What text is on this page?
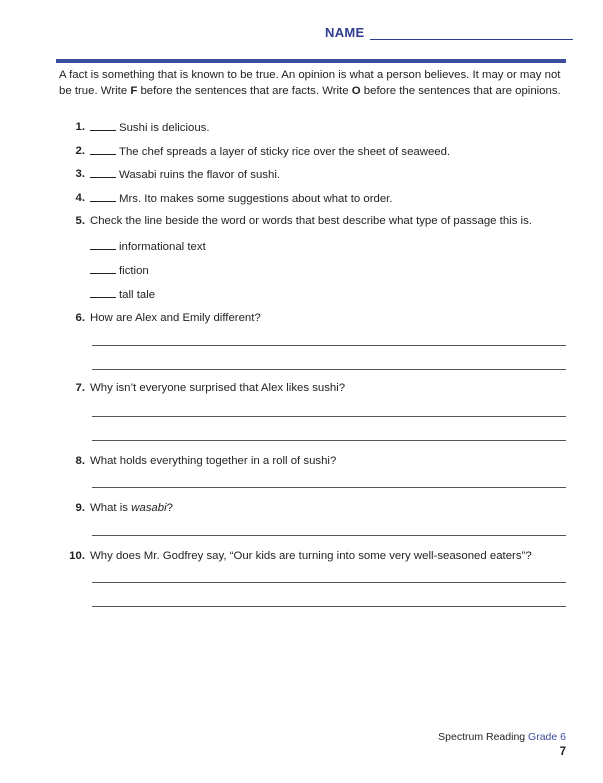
NAME
A fact is something that is known to be true. An opinion is what a person believes. It may or may not be true. Write F before the sentences that are facts. Write O before the sentences that are opinions.
1.	Sushi is delicious.
2.	The chef spreads a layer of sticky rice over the sheet of seaweed.
3.	Wasabi ruins the flavor of sushi.
4.	Mrs. Ito makes some suggestions about what to order.
5. Check the line beside the word or words that best describe what type of passage this is.
informational text
fiction
tall tale
6. How are Alex and Emily different?
7. Why isn’t everyone surprised that Alex likes sushi?
8. What holds everything together in a roll of sushi?
9. What is wasabi?
10. Why does Mr. Godfrey say, “Our kids are turning into some very well-seasoned eaters”?
Spectrum Reading Grade 6
7
